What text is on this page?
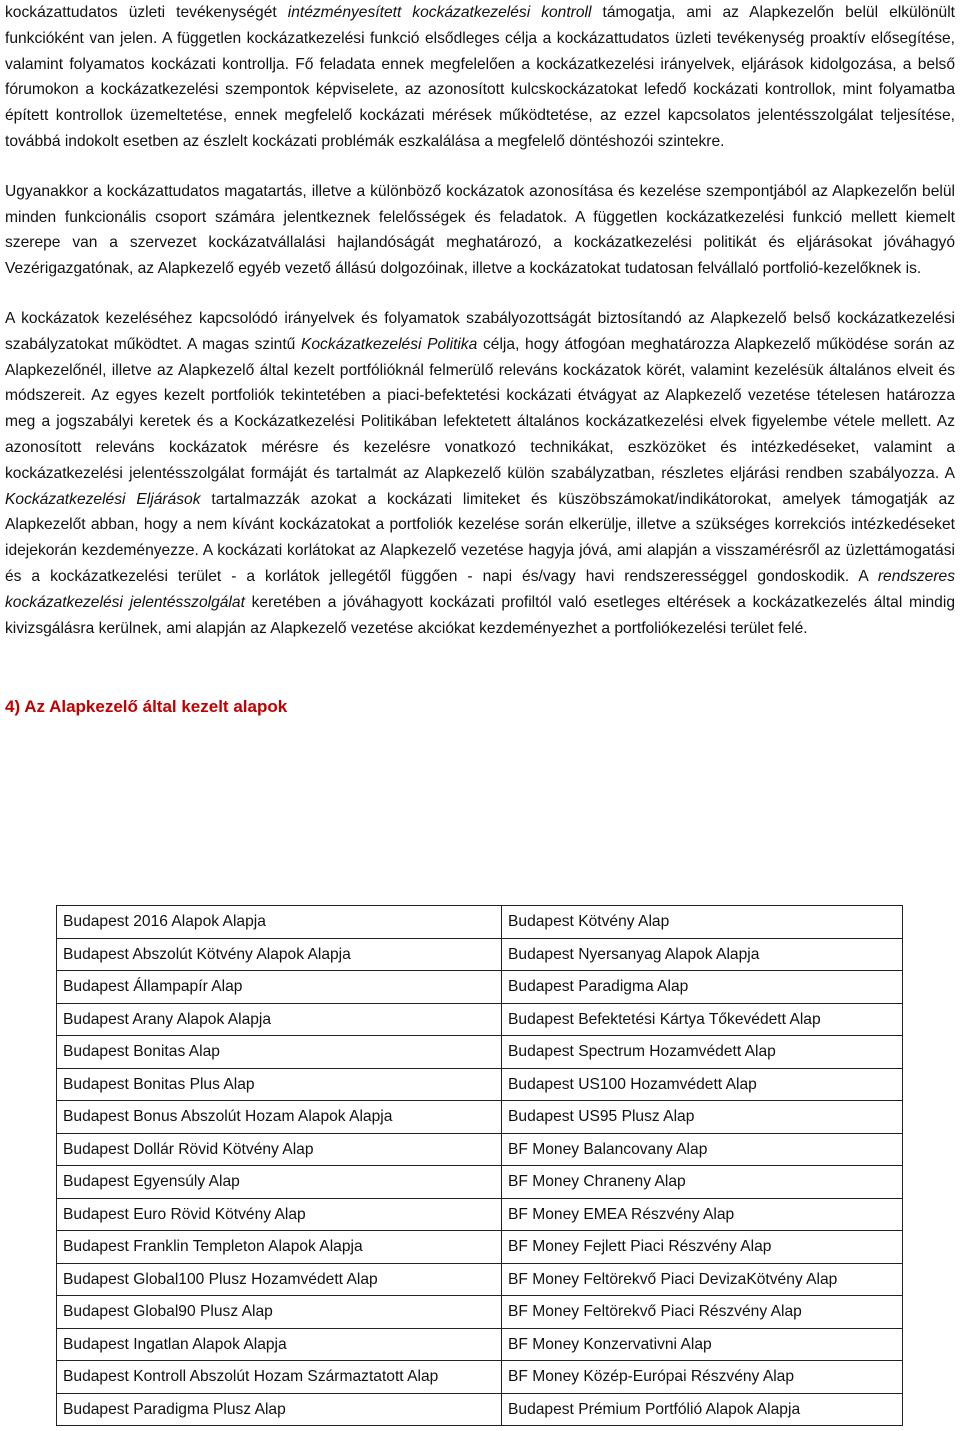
kockázattudatos üzleti tevékenységét intézményesített kockázatkezelési kontroll támogatja, ami az Alapkezelőn belül elkülönült funkcióként van jelen. A független kockázatkezelési funkció elsődleges célja a kockázattudatos üzleti tevékenység proaktív elősegítése, valamint folyamatos kockázati kontrollja. Fő feladata ennek megfelelően a kockázatkezelési irányelvek, eljárások kidolgozása, a belső fórumokon a kockázatkezelési szempontok képviselete, az azonosított kulcskockázatokat lefedő kockázati kontrollok, mint folyamatba épített kontrollok üzemeltetése, ennek megfelelő kockázati mérések működtetése, az ezzel kapcsolatos jelentésszolgálat teljesítése, továbbá indokolt esetben az észlelt kockázati problémák eszkalálása a megfelelő döntéshozói szintekre.

Ugyanakkor a kockázattudatos magatartás, illetve a különböző kockázatok azonosítása és kezelése szempontjából az Alapkezelőn belül minden funkcionális csoport számára jelentkeznek felelősségek és feladatok. A független kockázatkezelési funkció mellett kiemelt szerepe van a szervezet kockázatvállalási hajlandóságát meghatározó, a kockázatkezelési politikát és eljárásokat jóváhagyó Vezérigazgatónak, az Alapkezelő egyéb vezető állású dolgozóinak, illetve a kockázatokat tudatosan felvállaló portfolió-kezelőknek is.

A kockázatok kezeléséhez kapcsolódó irányelvek és folyamatok szabályozottságát biztosítandó az Alapkezelő belső kockázatkezelési szabályzatokat működtet. A magas szintű Kockázatkezelési Politika célja, hogy átfogóan meghatározza Alapkezelő működése során az Alapkezelőnél, illetve az Alapkezelő által kezelt portfólióknál felmerülő releváns kockázatok körét, valamint kezelésük általános elveit és módszereit. Az egyes kezelt portfoliók tekintetében a piaci-befektetési kockázati étvágyat az Alapkezelő vezetése tételesen határozza meg a jogszabályi keretek és a Kockázatkezelési Politikában lefektetett általános kockázatkezelési elvek figyelembe vétele mellett. Az azonosított releváns kockázatok mérésre és kezelésre vonatkozó technikákat, eszközöket és intézkedéseket, valamint a kockázatkezelési jelentésszolgálat formáját és tartalmát az Alapkezelő külön szabályzatban, részletes eljárási rendben szabályozza. A Kockázatkezelési Eljárások tartalmazzák azokat a kockázati limiteket és küszöbszámokat/indikátorokat, amelyek támogatják az Alapkezelőt abban, hogy a nem kívánt kockázatokat a portfoliók kezelése során elkerülje, illetve a szükséges korrekciós intézkedéseket idejekorán kezdeményezze. A kockázati korlátokat az Alapkezelő vezetése hagyja jóvá, ami alapján a visszamérésről az üzlettámogatási és a kockázatkezelési terület - a korlátok jellegétől függően - napi és/vagy havi rendszerességgel gondoskodik. A rendszeres kockázatkezelési jelentésszolgálat keretében a jóváhagyott kockázati profiltól való esetleges eltérések a kockázatkezelés által mindig kivizsgálásra kerülnek, ami alapján az Alapkezelő vezetése akciókat kezdeményezhet a portfoliókezelési terület felé.

4) Az Alapkezelő által kezelt alapok
Budapest 2016 Alapok Alapja	Budapest Kötvény Alap
Budapest Abszolút Kötvény Alapok Alapja	Budapest Nyersanyag Alapok Alapja
Budapest Állampapír Alap	Budapest Paradigma Alap
Budapest Arany Alapok Alapja	Budapest Befektetési Kártya Tőkevédett Alap
Budapest Bonitas Alap	Budapest Spectrum Hozamvédett Alap
Budapest Bonitas Plus Alap	Budapest US100 Hozamvédett Alap
Budapest Bonus Abszolút Hozam Alapok Alapja	Budapest US95 Plusz Alap
Budapest Dollár Rövid Kötvény Alap	BF Money Balancovany Alap
Budapest Egyensúly Alap	BF Money Chraneny Alap
Budapest Euro Rövid Kötvény Alap	BF Money EMEA Részvény Alap
Budapest Franklin Templeton Alapok Alapja	BF Money Fejlett Piaci Részvény Alap
Budapest Global100 Plusz Hozamvédett Alap	BF Money Feltörekvő Piaci DevizaKötvény Alap
Budapest Global90 Plusz Alap	BF Money Feltörekvő Piaci Részvény Alap
Budapest Ingatlan Alapok Alapja	BF Money Konzervativni Alap
Budapest Kontroll Abszolút Hozam Származtatott Alap	BF Money Közép-Európai Részvény Alap
Budapest Paradigma Plusz Alap	Budapest Prémium Portfólió Alapok Alapja
